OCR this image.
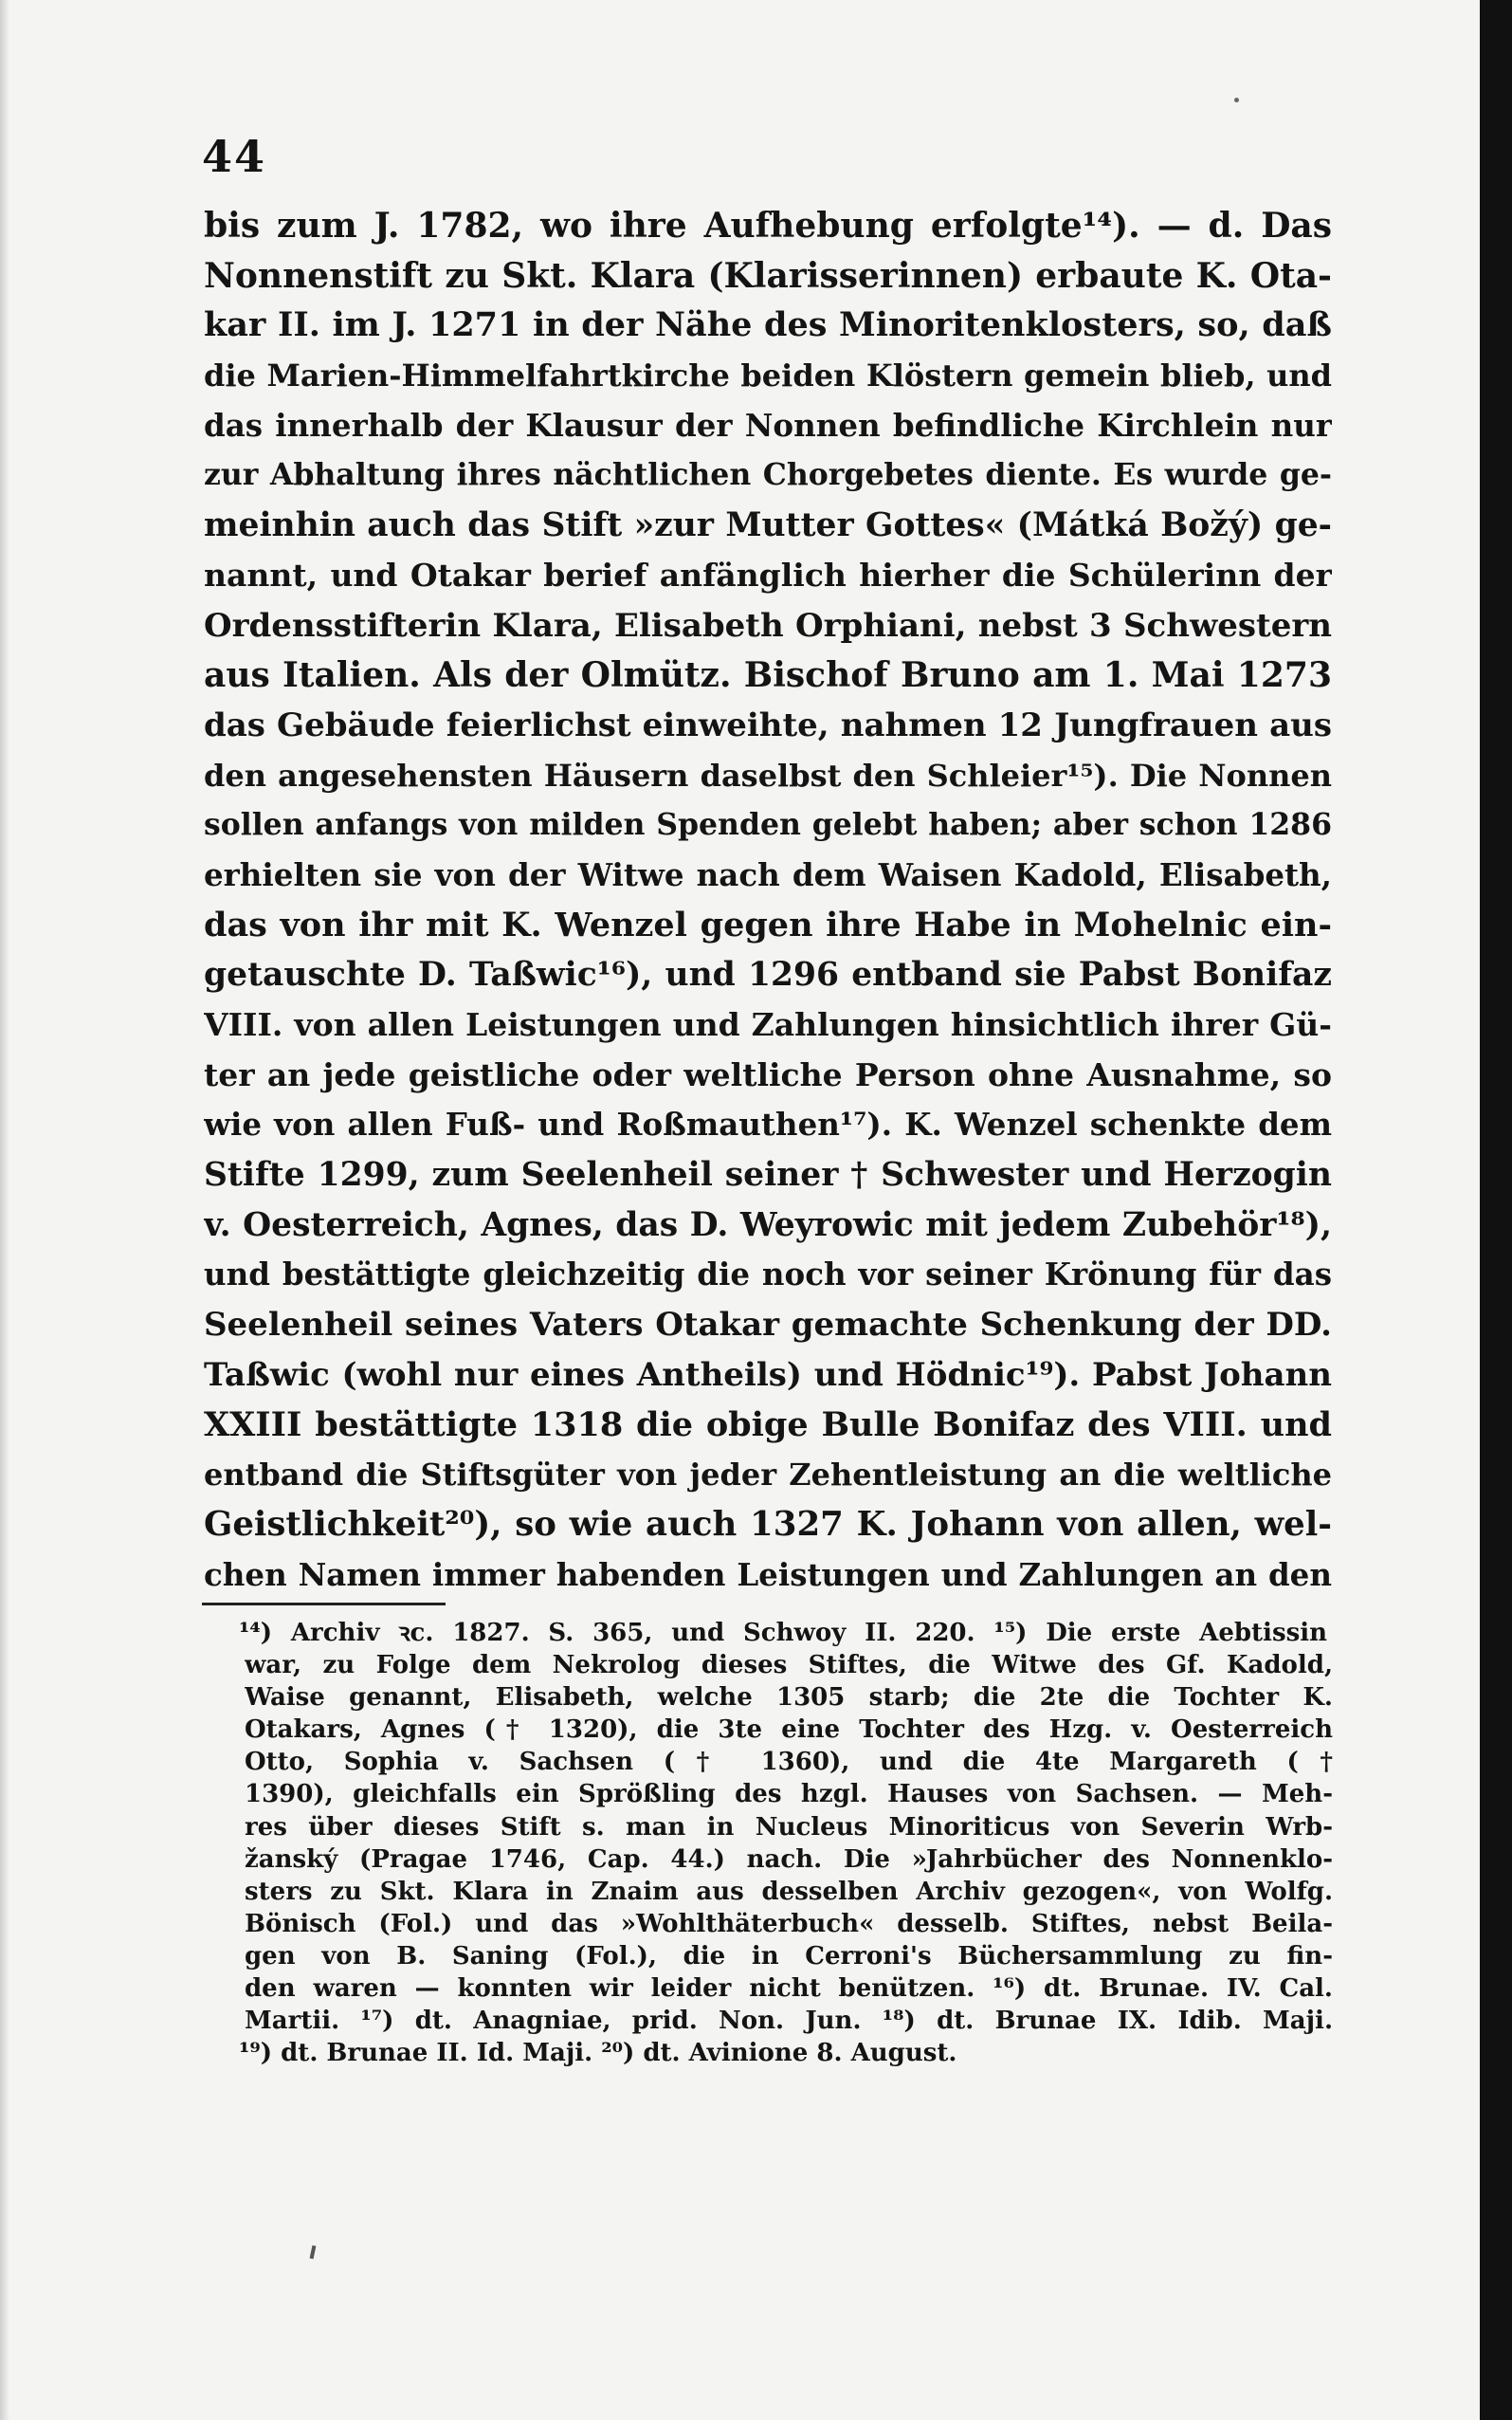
44
bis zum J. 1782, wo ihre Aufhebung erfolgte¹⁴). — d. Das
Nonnenstift zu Skt. Klara (Klarisserinnen) erbaute K. Ota-
kar II. im J. 1271 in der Nähe des Minoritenklosters, so, daß
die Marien-Himmelfahrtkirche beiden Klöstern gemein blieb, und
das innerhalb der Klausur der Nonnen befindliche Kirchlein nur
zur Abhaltung ihres nächtlichen Chorgebetes diente. Es wurde ge-
meinhin auch das Stift »zur Mutter Gottes« (Mátká Božý) ge-
nannt, und Otakar berief anfänglich hierher die Schülerinn der
Ordensstifterin Klara, Elisabeth Orphiani, nebst 3 Schwestern
aus Italien. Als der Olmütz. Bischof Bruno am 1. Mai 1273
das Gebäude feierlichst einweihte, nahmen 12 Jungfrauen aus
den angesehensten Häusern daselbst den Schleier¹⁵). Die Nonnen
sollen anfangs von milden Spenden gelebt haben; aber schon 1286
erhielten sie von der Witwe nach dem Waisen Kadold, Elisabeth,
das von ihr mit K. Wenzel gegen ihre Habe in Mohelnic ein-
getauschte D. Taßwic¹⁶), und 1296 entband sie Pabst Bonifaz
VIII. von allen Leistungen und Zahlungen hinsichtlich ihrer Gü-
ter an jede geistliche oder weltliche Person ohne Ausnahme, so
wie von allen Fuß- und Roßmauthen¹⁷). K. Wenzel schenkte dem
Stifte 1299, zum Seelenheil seiner † Schwester und Herzogin
v. Oesterreich, Agnes, das D. Weyrowic mit jedem Zubehör¹⁸),
und bestättigte gleichzeitig die noch vor seiner Krönung für das
Seelenheil seines Vaters Otakar gemachte Schenkung der DD.
Taßwic (wohl nur eines Antheils) und Hödnic¹⁹). Pabst Johann
XXIII bestättigte 1318 die obige Bulle Bonifaz des VIII. und
entband die Stiftsgüter von jeder Zehentleistung an die weltliche
Geistlichkeit²⁰), so wie auch 1327 K. Johann von allen, wel-
chen Namen immer habenden Leistungen und Zahlungen an den
¹⁴) Archiv ꝛc. 1827. S. 365, und Schwoy II. 220. ¹⁵) Die erste Aebtissin
war, zu Folge dem Nekrolog dieses Stiftes, die Witwe des Gf. Kadold,
Waise genannt, Elisabeth, welche 1305 starb; die 2te die Tochter K.
Otakars, Agnes († 1320), die 3te eine Tochter des Hzg. v. Oesterreich
Otto, Sophia v. Sachsen († 1360), und die 4te Margareth (†
1390), gleichfalls ein Sprößling des hzgl. Hauses von Sachsen. — Meh-
res über dieses Stift s. man in Nucleus Minoriticus von Severin Wrb-
žanský (Pragae 1746, Cap. 44.) nach. Die »Jahrbücher des Nonnenklo-
sters zu Skt. Klara in Znaim aus desselben Archiv gezogen«, von Wolfg.
Bönisch (Fol.) und das »Wohlthäterbuch« desselb. Stiftes, nebst Beila-
gen von B. Saning (Fol.), die in Cerroni's Büchersammlung zu fin-
den waren — konnten wir leider nicht benützen. ¹⁶) dt. Brunae. IV. Cal.
Martii. ¹⁷) dt. Anagniae, prid. Non. Jun. ¹⁸) dt. Brunae IX. Idib. Maji.
¹⁹) dt. Brunae II. Id. Maji. ²⁰) dt. Avinione 8. August.
